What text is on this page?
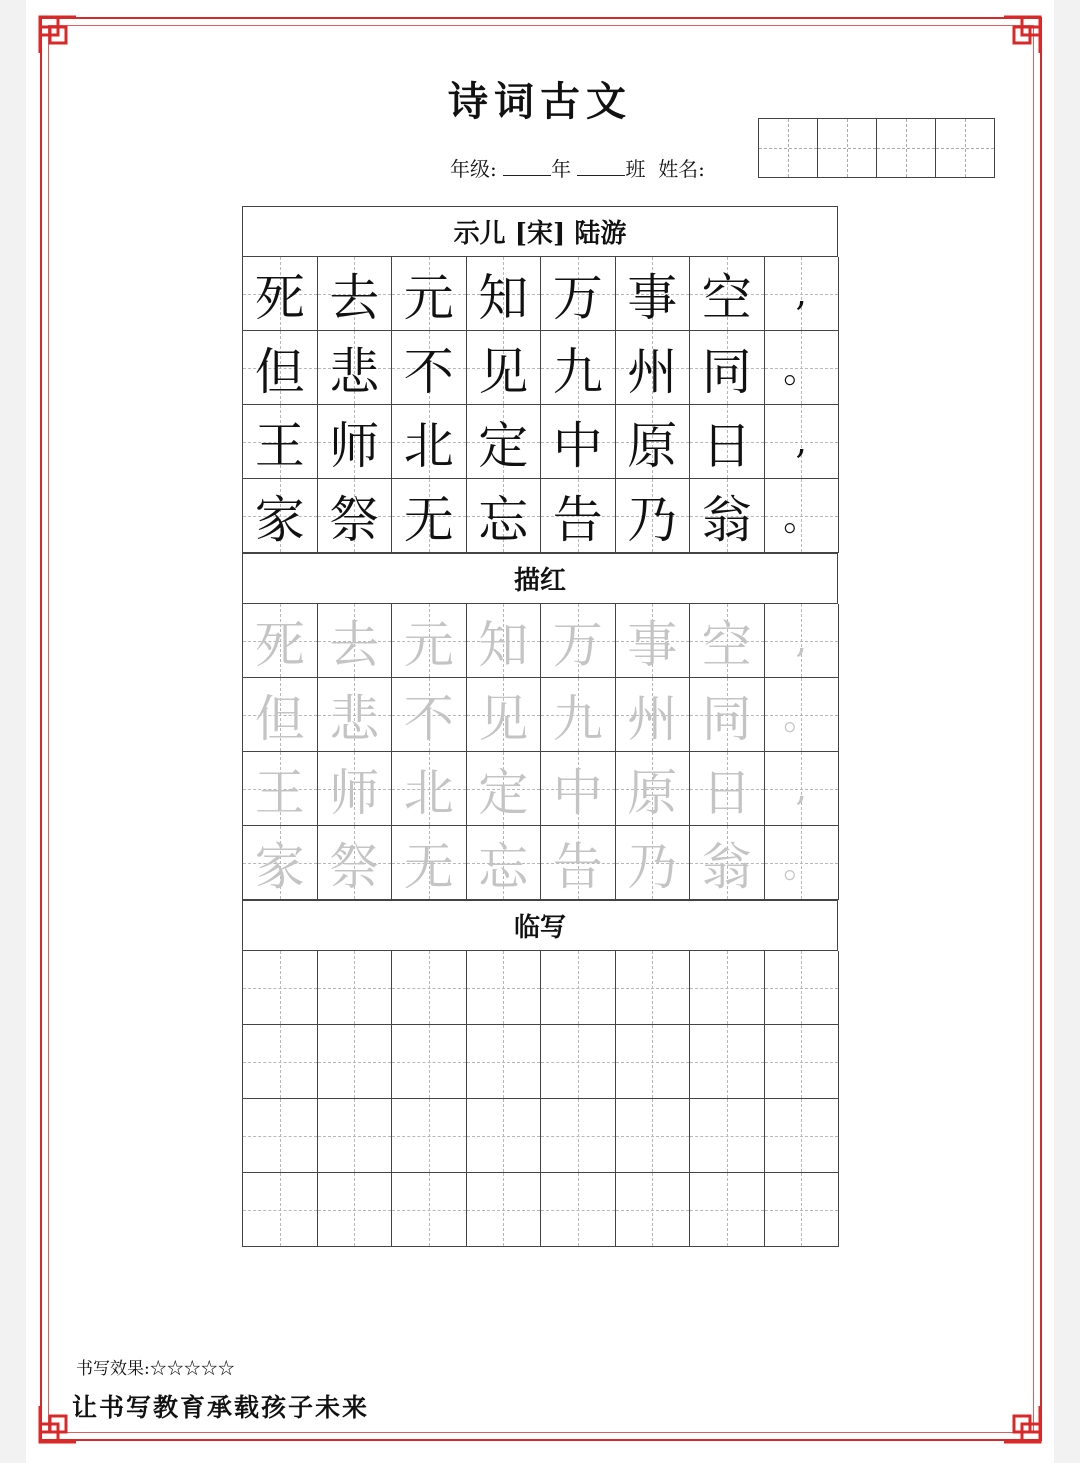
诗词古文
年级:	年	班 姓名:
示儿 [宋] 陆游
死 去 元 知 万 事 空 ,
但 悲 不 见 九 州 同 。
王 师 北 定 中 原 日 ,
家 祭 无 忘 告 乃 翁 。
描红
死 去 元 知 万 事 空 ,
但 悲 不 见 九 州 同 。
王 师 北 定 中 原 日 ,
家 祭 无 忘 告 乃 翁 。
临写
书写效果:☆☆☆☆☆
让书写教育承载孩子未来
